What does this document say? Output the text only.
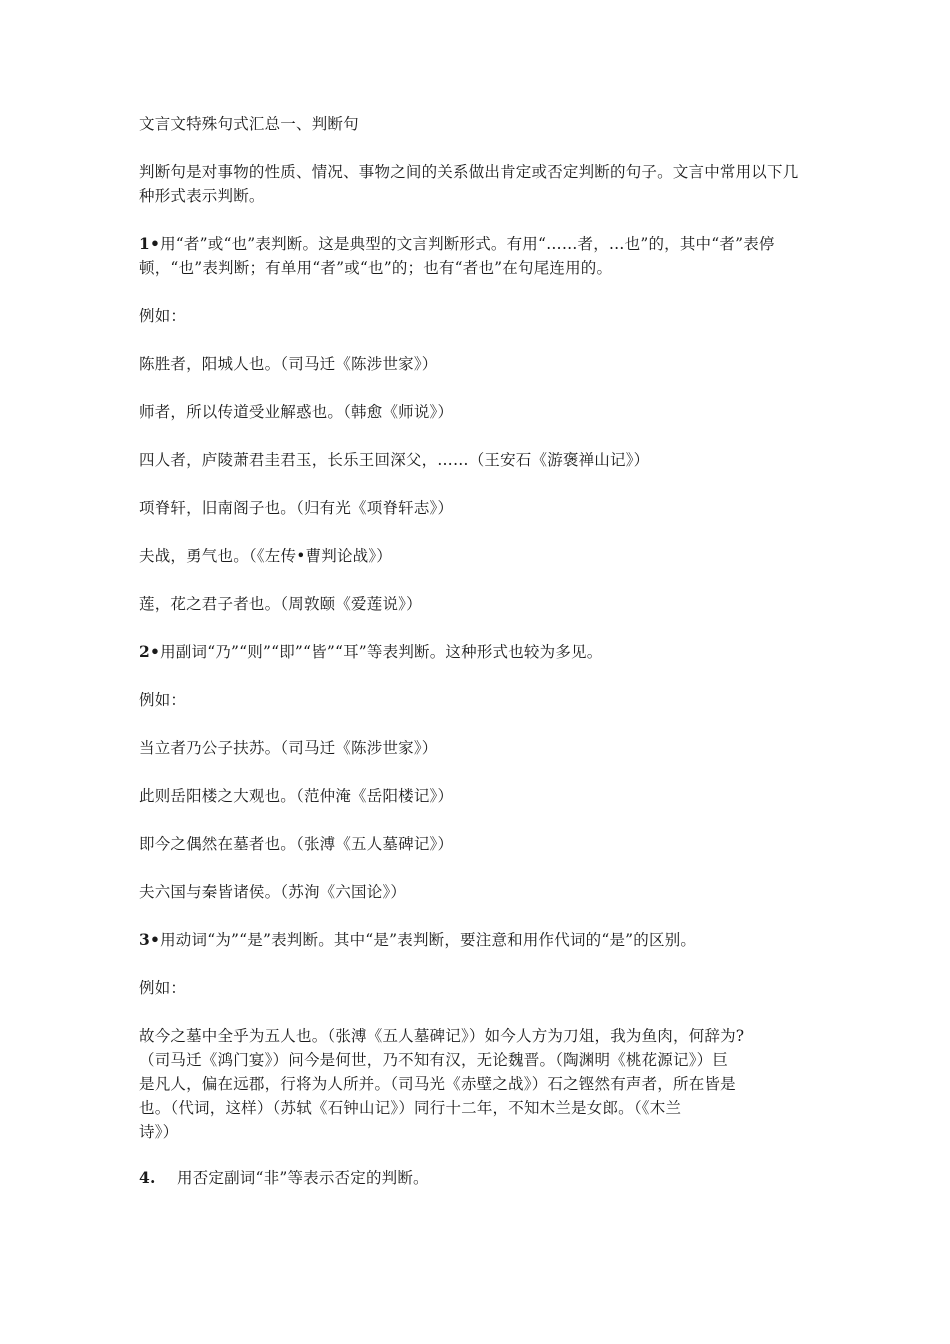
文言文特殊句式汇总一、判断句

判断句是对事物的性质、情况、事物之间的关系做出肯定或否定判断的句子。文言中常用以下几种形式表示判断。

1•用“者”或“也”表判断。这是典型的文言判断形式。有用“……者，…也”的，其中“者”表停顿，“也”表判断；有单用“者”或“也”的；也有“者也”在句尾连用的。

例如：

陈胜者，阳城人也。（司马迁《陈涉世家》）

师者，所以传道受业解惑也。（韩愈《师说》）

四人者，庐陵萧君圭君玉，长乐王回深父，……（王安石《游褒禅山记》）

项脊轩，旧南阁子也。（归有光《项脊轩志》）

夫战，勇气也。（《左传•曹判论战》）

莲，花之君子者也。（周敦颐《爱莲说》）

2•用副词“乃”“则”“即”“皆”“耳”等表判断。这种形式也较为多见。

例如：

当立者乃公子扶苏。（司马迁《陈涉世家》）

此则岳阳楼之大观也。（范仲淹《岳阳楼记》）

即今之偶然在墓者也。（张溥《五人墓碑记》）

夫六国与秦皆诸侯。（苏洵《六国论》）

3•用动词“为”“是”表判断。其中“是”表判断，要注意和用作代词的“是”的区别。

例如：

故今之墓中全乎为五人也。（张溥《五人墓碑记》）如今人方为刀俎，我为鱼肉，何辞为?
（司马迁《鸿门宴》）问今是何世，乃不知有汉，无论魏晋。（陶渊明《桃花源记》）巨
是凡人，偏在远郡，行将为人所并。（司马光《赤壁之战》）石之铿然有声者，所在皆是
也。（代词，这样）（苏轼《石钟山记》）同行十二年，不知木兰是女郎。（《木兰
诗》）

4. 用否定副词“非”等表示否定的判断。
